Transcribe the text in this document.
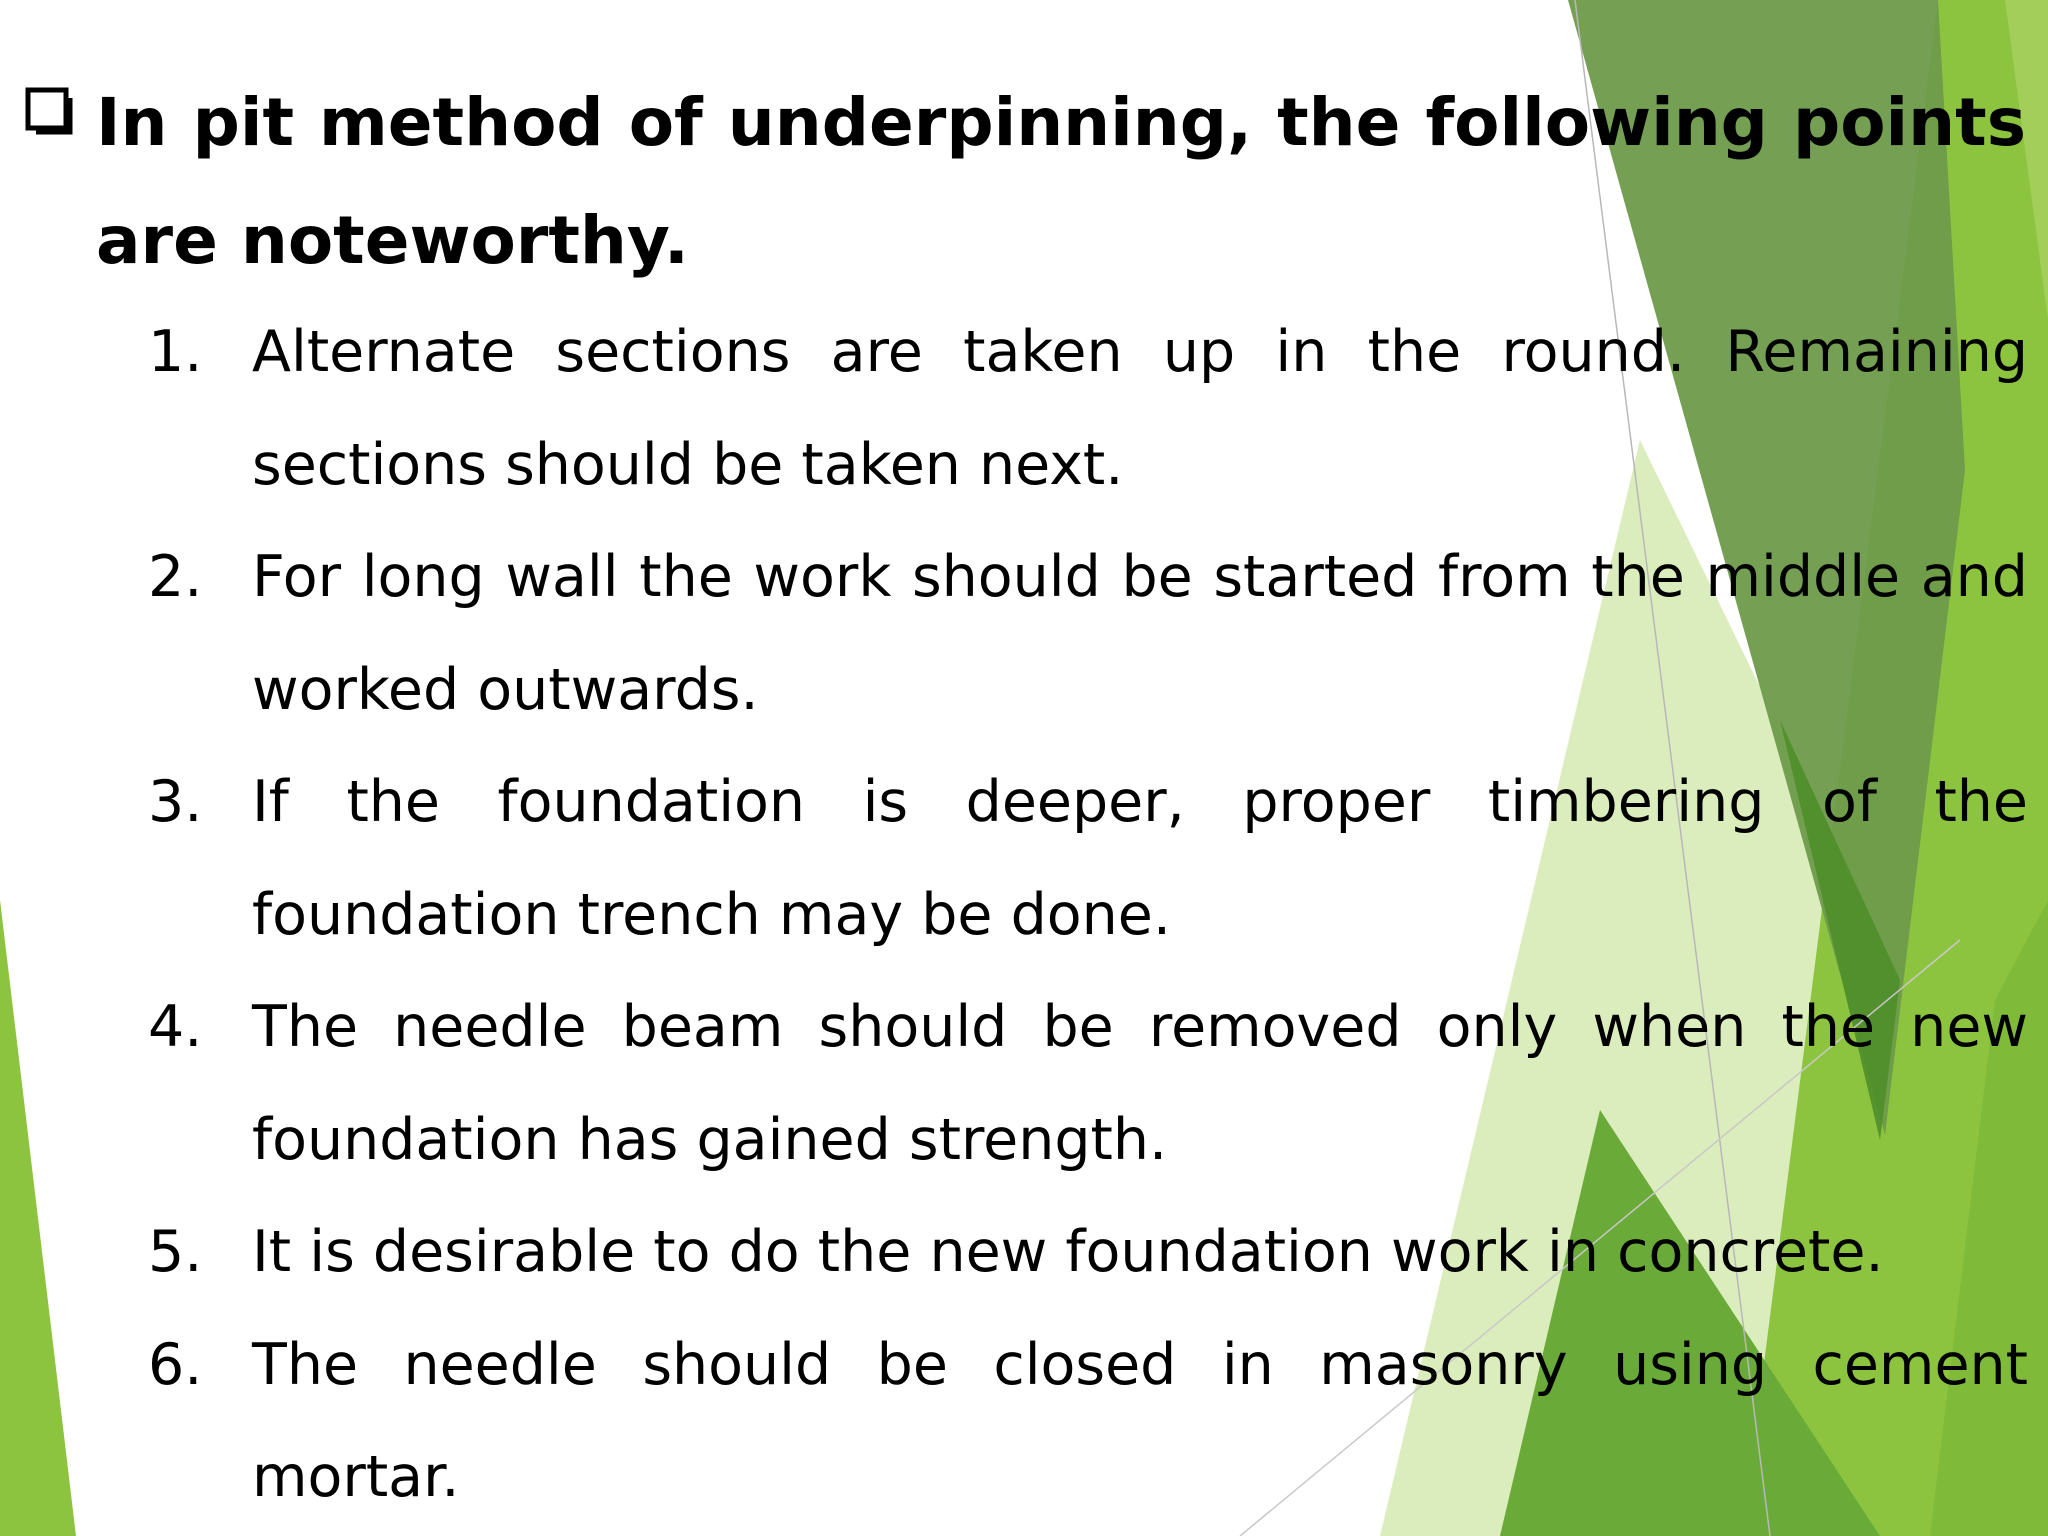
In pit method of underpinning, the following points are noteworthy.

1. Alternate sections are taken up in the round. Remaining sections should be taken next.
2. For long wall the work should be started from the middle and worked outwards.
3. If the foundation is deeper, proper timbering of the foundation trench may be done.
4. The needle beam should be removed only when the new foundation has gained strength.
5. It is desirable to do the new foundation work in concrete.
6. The needle should be closed in masonry using cement mortar.
